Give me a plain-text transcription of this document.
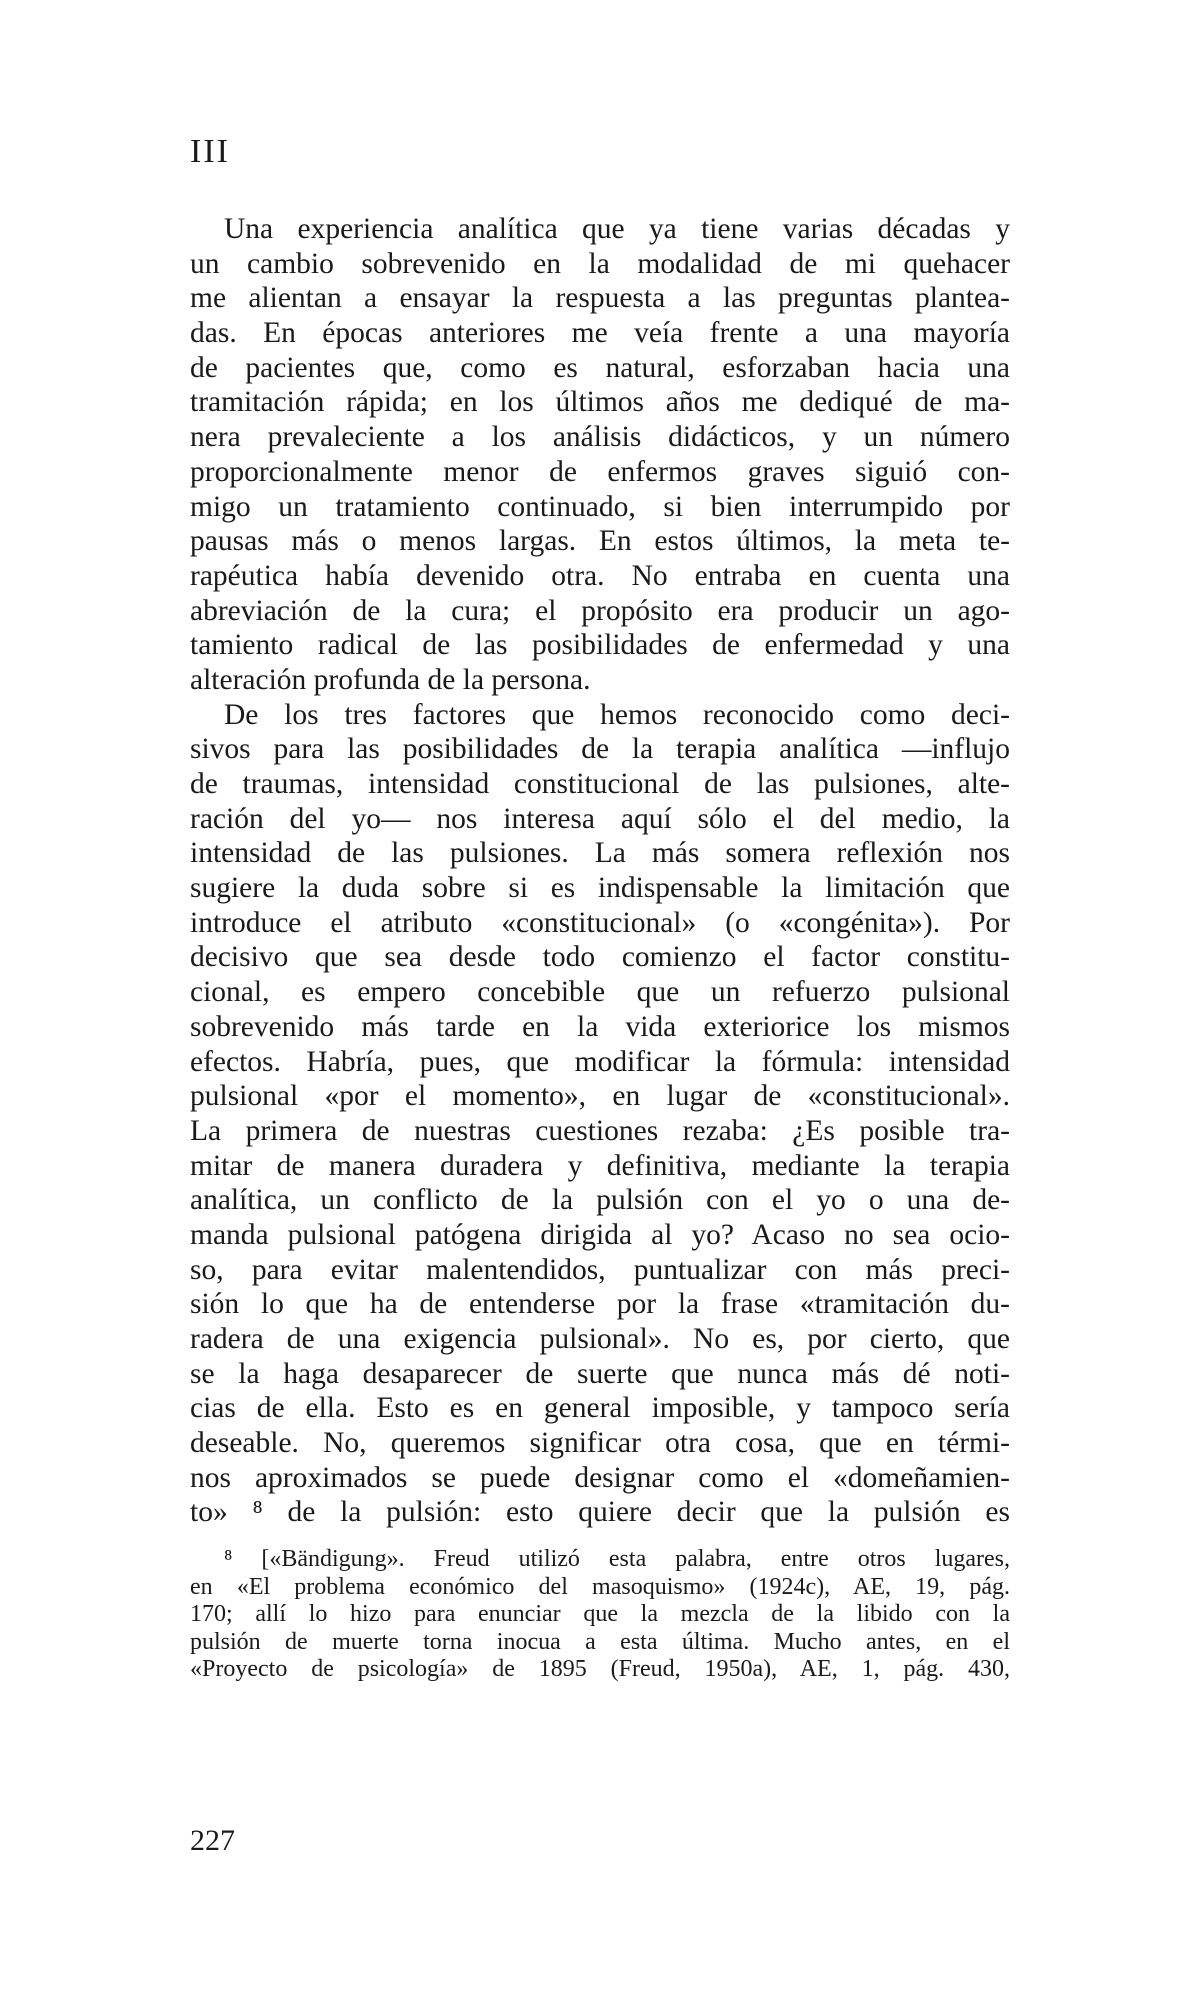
III
Una experiencia analítica que ya tiene varias décadas y
un cambio sobrevenido en la modalidad de mi quehacer
me alientan a ensayar la respuesta a las preguntas plantea-
das. En épocas anteriores me veía frente a una mayoría
de pacientes que, como es natural, esforzaban hacia una
tramitación rápida; en los últimos años me dediqué de ma-
nera prevaleciente a los análisis didácticos, y un número
proporcionalmente menor de enfermos graves siguió con-
migo un tratamiento continuado, si bien interrumpido por
pausas más o menos largas. En estos últimos, la meta te-
rapéutica había devenido otra. No entraba en cuenta una
abreviación de la cura; el propósito era producir un ago-
tamiento radical de las posibilidades de enfermedad y una
alteración profunda de la persona.
De los tres factores que hemos reconocido como deci-
sivos para las posibilidades de la terapia analítica —influjo
de traumas, intensidad constitucional de las pulsiones, alte-
ración del yo— nos interesa aquí sólo el del medio, la
intensidad de las pulsiones. La más somera reflexión nos
sugiere la duda sobre si es indispensable la limitación que
introduce el atributo «constitucional» (o «congénita»). Por
decisivo que sea desde todo comienzo el factor constitu-
cional, es empero concebible que un refuerzo pulsional
sobrevenido más tarde en la vida exteriorice los mismos
efectos. Habría, pues, que modificar la fórmula: intensidad
pulsional «por el momento», en lugar de «constitucional».
La primera de nuestras cuestiones rezaba: ¿Es posible tra-
mitar de manera duradera y definitiva, mediante la terapia
analítica, un conflicto de la pulsión con el yo o una de-
manda pulsional patógena dirigida al yo? Acaso no sea ocio-
so, para evitar malentendidos, puntualizar con más preci-
sión lo que ha de entenderse por la frase «tramitación du-
radera de una exigencia pulsional». No es, por cierto, que
se la haga desaparecer de suerte que nunca más dé noti-
cias de ella. Esto es en general imposible, y tampoco sería
deseable. No, queremos significar otra cosa, que en térmi-
nos aproximados se puede designar como el «domeñamien-
to» ⁸ de la pulsión: esto quiere decir que la pulsión es
⁸ [«Bändigung». Freud utilizó esta palabra, entre otros lugares,
en «El problema económico del masoquismo» (1924c), AE, 19, pág.
170; allí lo hizo para enunciar que la mezcla de la libido con la
pulsión de muerte torna inocua a esta última. Mucho antes, en el
«Proyecto de psicología» de 1895 (Freud, 1950a), AE, 1, pág. 430,

227
